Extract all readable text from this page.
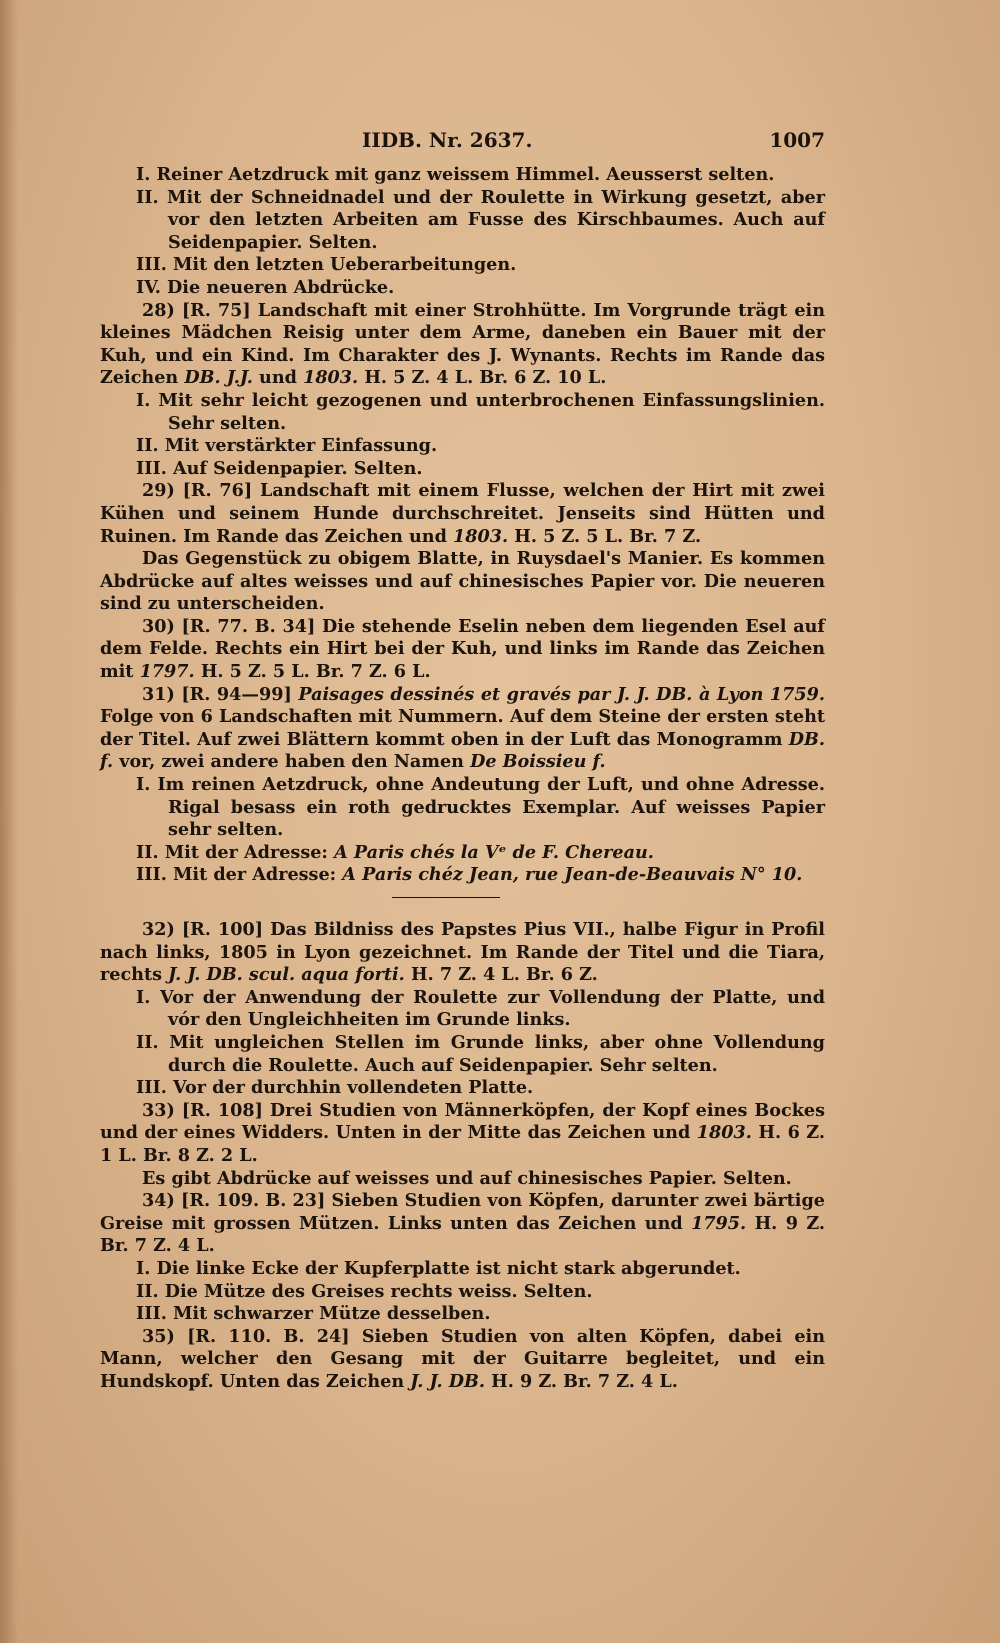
IIDB. Nr. 2637.	1007

I. Reiner Aetzdruck mit ganz weissem Himmel. Aeusserst selten.

II. Mit der Schneidnadel und der Roulette in Wirkung gesetzt, aber vor den letzten Arbeiten am Fusse des Kirschbaumes. Auch auf Seidenpapier. Selten.

III. Mit den letzten Ueberarbeitungen.

IV. Die neueren Abdrücke.

28) [R. 75] Landschaft mit einer Strohhütte. Im Vorgrunde trägt ein kleines Mädchen Reisig unter dem Arme, daneben ein Bauer mit der Kuh, und ein Kind. Im Charakter des J. Wynants. Rechts im Rande das Zeichen DB. J.J. und 1803. H. 5 Z. 4 L. Br. 6 Z. 10 L.

I. Mit sehr leicht gezogenen und unterbrochenen Einfassungslinien. Sehr selten.

II. Mit verstärkter Einfassung.

III. Auf Seidenpapier. Selten.

29) [R. 76] Landschaft mit einem Flusse, welchen der Hirt mit zwei Kühen und seinem Hunde durchschreitet. Jenseits sind Hütten und Ruinen. Im Rande das Zeichen und 1803. H. 5 Z. 5 L. Br. 7 Z.

Das Gegenstück zu obigem Blatte, in Ruysdael's Manier. Es kommen Abdrücke auf altes weisses und auf chinesisches Papier vor. Die neueren sind zu unterscheiden.

30) [R. 77. B. 34] Die stehende Eselin neben dem liegenden Esel auf dem Felde. Rechts ein Hirt bei der Kuh, und links im Rande das Zeichen mit 1797. H. 5 Z. 5 L. Br. 7 Z. 6 L.

31) [R. 94—99] Paisages dessinés et gravés par J. J. DB. à Lyon 1759. Folge von 6 Landschaften mit Nummern. Auf dem Steine der ersten steht der Titel. Auf zwei Blättern kommt oben in der Luft das Monogramm DB. f. vor, zwei andere haben den Namen De Boissieu f.

I. Im reinen Aetzdruck, ohne Andeutung der Luft, und ohne Adresse. Rigal besass ein roth gedrucktes Exemplar. Auf weisses Papier sehr selten.

II. Mit der Adresse: A Paris chés la Vᵉ de F. Chereau.

III. Mit der Adresse: A Paris chéz Jean, rue Jean-de-Beauvais N° 10.

32) [R. 100] Das Bildniss des Papstes Pius VII., halbe Figur in Profil nach links, 1805 in Lyon gezeichnet. Im Rande der Titel und die Tiara, rechts J. J. DB. scul. aqua forti. H. 7 Z. 4 L. Br. 6 Z.

I. Vor der Anwendung der Roulette zur Vollendung der Platte, und vór den Ungleichheiten im Grunde links.

II. Mit ungleichen Stellen im Grunde links, aber ohne Vollendung durch die Roulette. Auch auf Seidenpapier. Sehr selten.

III. Vor der durchhin vollendeten Platte.

33) [R. 108] Drei Studien von Männerköpfen, der Kopf eines Bockes und der eines Widders. Unten in der Mitte das Zeichen und 1803. H. 6 Z. 1 L. Br. 8 Z. 2 L.

Es gibt Abdrücke auf weisses und auf chinesisches Papier. Selten.

34) [R. 109. B. 23] Sieben Studien von Köpfen, darunter zwei bärtige Greise mit grossen Mützen. Links unten das Zeichen und 1795. H. 9 Z. Br. 7 Z. 4 L.

I. Die linke Ecke der Kupferplatte ist nicht stark abgerundet.

II. Die Mütze des Greises rechts weiss. Selten.

III. Mit schwarzer Mütze desselben.

35) [R. 110. B. 24] Sieben Studien von alten Köpfen, dabei ein Mann, welcher den Gesang mit der Guitarre begleitet, und ein Hundskopf. Unten das Zeichen J. J. DB. H. 9 Z. Br. 7 Z. 4 L.
